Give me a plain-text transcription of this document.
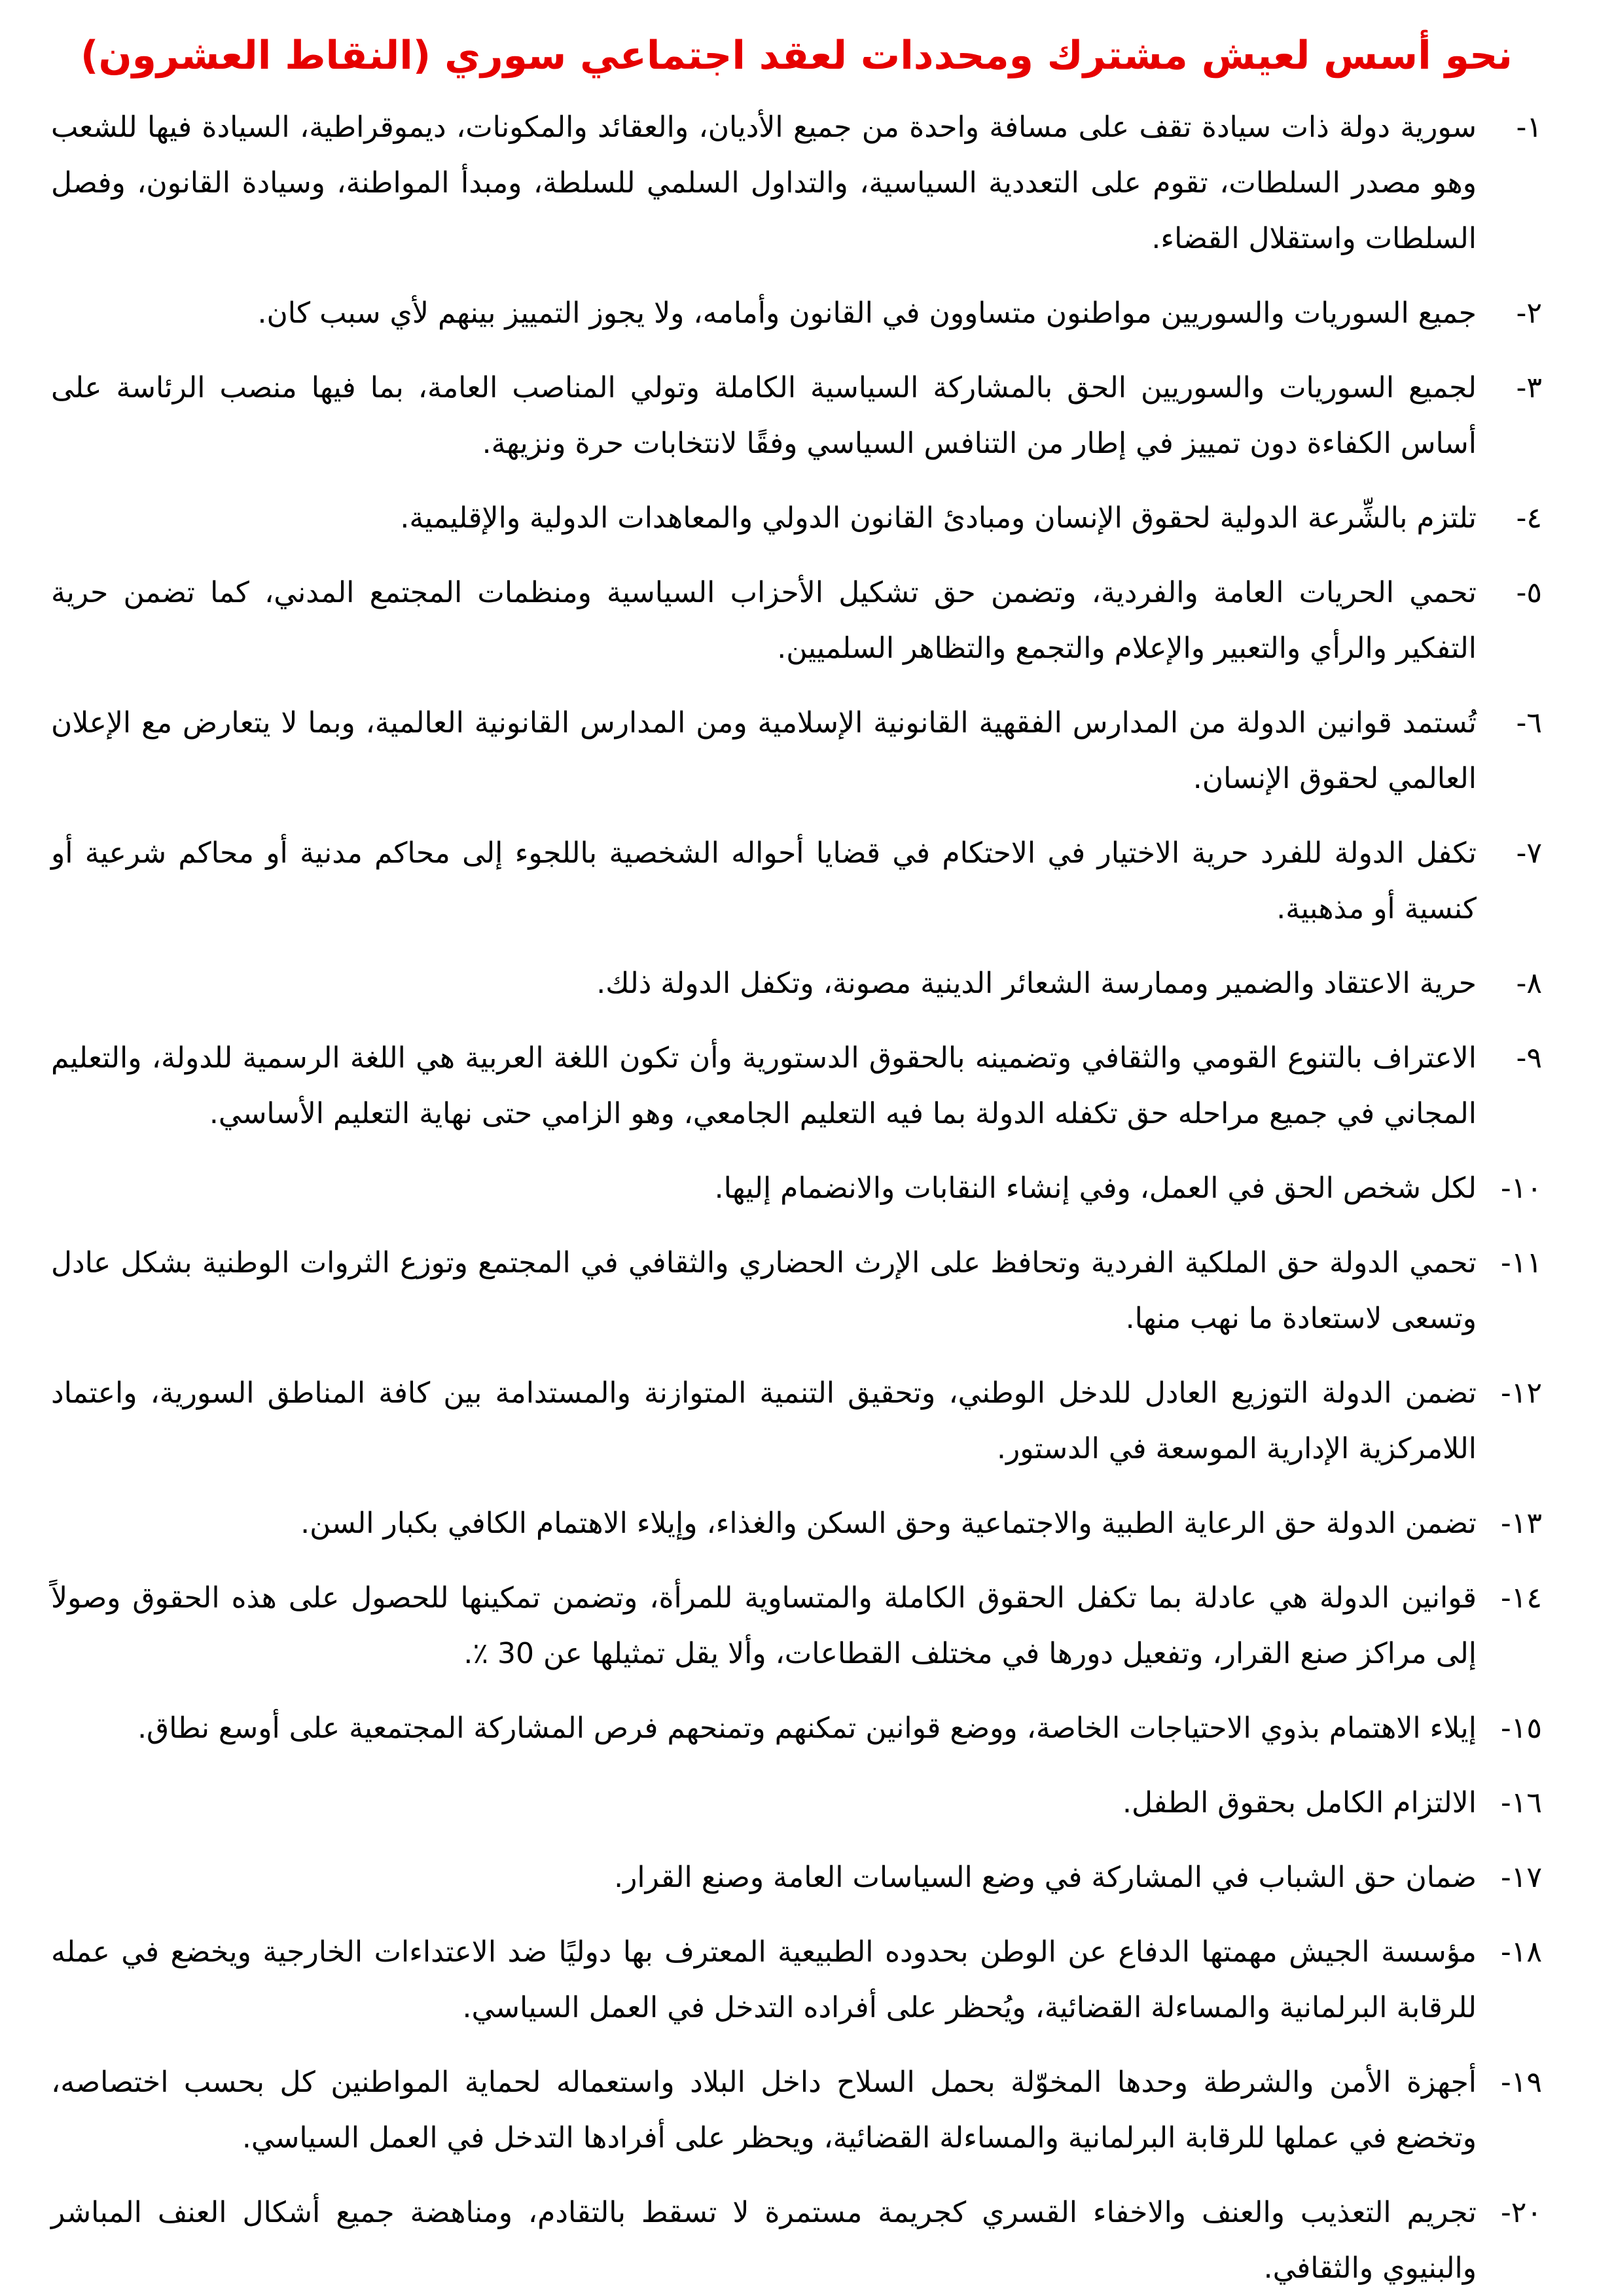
نحو أسس لعيش مشترك ومحددات لعقد اجتماعي سوري (النقاط العشرون)
١-
سورية دولة ذات سيادة تقف على مسافة واحدة من جميع الأديان، والعقائد والمكونات، ديموقراطية، السيادة فيها للشعب وهو مصدر السلطات، تقوم على التعددية السياسية، والتداول السلمي للسلطة، ومبدأ المواطنة، وسيادة القانون، وفصل السلطات واستقلال القضاء.
٢-
جميع السوريات والسوريين مواطنون متساوون في القانون وأمامه، ولا يجوز التمييز بينهم لأي سبب كان.
٣-
لجميع السوريات والسوريين الحق بالمشاركة السياسية الكاملة وتولي المناصب العامة، بما فيها منصب الرئاسة على أساس الكفاءة دون تمييز في إطار من التنافس السياسي وفقًا لانتخابات حرة ونزيهة.
٤-
تلتزم بالشِّرعة الدولية لحقوق الإنسان ومبادئ القانون الدولي والمعاهدات الدولية والإقليمية.
٥-
تحمي الحريات العامة والفردية، وتضمن حق تشكيل الأحزاب السياسية ومنظمات المجتمع المدني، كما تضمن حرية التفكير والرأي والتعبير والإعلام والتجمع والتظاهر السلميين.
٦-
تُستمد قوانين الدولة من المدارس الفقهية القانونية الإسلامية ومن المدارس القانونية العالمية، وبما لا يتعارض مع الإعلان العالمي لحقوق الإنسان.
٧-
تكفل الدولة للفرد حرية الاختيار في الاحتكام في قضايا أحواله الشخصية باللجوء إلى محاكم مدنية أو محاكم شرعية أو كنسية أو مذهبية.
٨-
حرية الاعتقاد والضمير وممارسة الشعائر الدينية مصونة، وتكفل الدولة ذلك.
٩-
الاعتراف بالتنوع القومي والثقافي وتضمينه بالحقوق الدستورية وأن تكون اللغة العربية هي اللغة الرسمية للدولة، والتعليم المجاني في جميع مراحله حق تكفله الدولة بما فيه التعليم الجامعي، وهو الزامي حتى نهاية التعليم الأساسي.
١٠-
لكل شخص الحق في العمل، وفي إنشاء النقابات والانضمام إليها.
١١-
تحمي الدولة حق الملكية الفردية وتحافظ على الإرث الحضاري والثقافي في المجتمع وتوزع الثروات الوطنية بشكل عادل وتسعى لاستعادة ما نهب منها.
١٢-
تضمن الدولة التوزيع العادل للدخل الوطني، وتحقيق التنمية المتوازنة والمستدامة بين كافة المناطق السورية، واعتماد اللامركزية الإدارية الموسعة في الدستور.
١٣-
تضمن الدولة حق الرعاية الطبية والاجتماعية وحق السكن والغذاء، وإيلاء الاهتمام الكافي بكبار السن.
١٤-
قوانين الدولة هي عادلة بما تكفل الحقوق الكاملة والمتساوية للمرأة، وتضمن تمكينها للحصول على هذه الحقوق وصولاً إلى مراكز صنع القرار، وتفعيل دورها في مختلف القطاعات، وألا يقل تمثيلها عن 30 ٪.
١٥-
إيلاء الاهتمام بذوي الاحتياجات الخاصة، ووضع قوانين تمكنهم وتمنحهم فرص المشاركة المجتمعية على أوسع نطاق.
١٦-
الالتزام الكامل بحقوق الطفل.
١٧-
ضمان حق الشباب في المشاركة في وضع السياسات العامة وصنع القرار.
١٨-
مؤسسة الجيش مهمتها الدفاع عن الوطن بحدوده الطبيعية المعترف بها دوليًا ضد الاعتداءات الخارجية ويخضع في عمله للرقابة البرلمانية والمساءلة القضائية، ويُحظر على أفراده التدخل في العمل السياسي.
١٩-
أجهزة الأمن والشرطة وحدها المخوّلة بحمل السلاح داخل البلاد واستعماله لحماية المواطنين كل بحسب اختصاصه، وتخضع في عملها للرقابة البرلمانية والمساءلة القضائية، ويحظر على أفرادها التدخل في العمل السياسي.
٢٠-
تجريم التعذيب والعنف والاخفاء القسري كجريمة مستمرة لا تسقط بالتقادم، ومناهضة جميع أشكال العنف المباشر والبنيوي والثقافي.
